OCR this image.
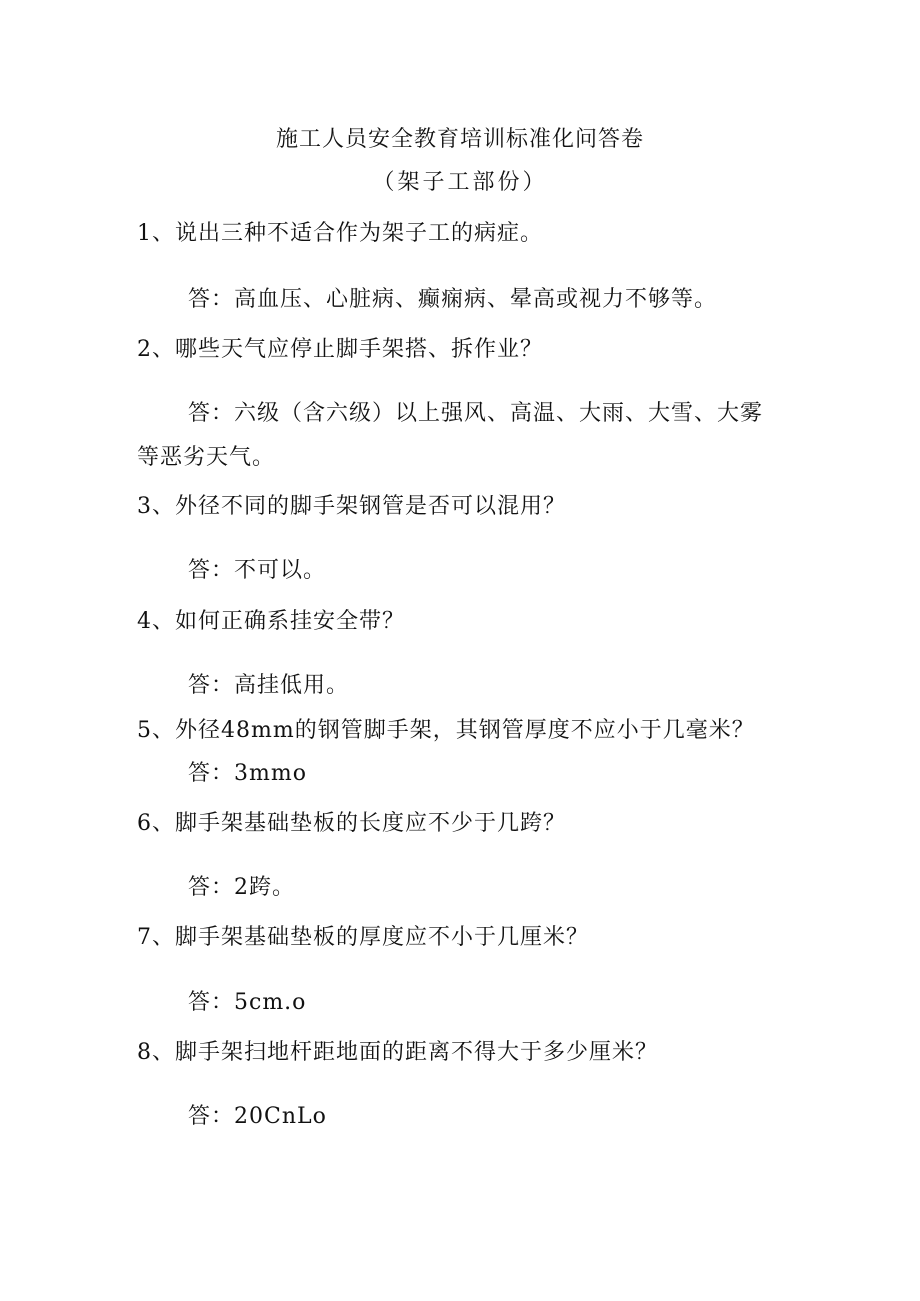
施工人员安全教育培训标准化问答卷
（架子工部份）
1、说出三种不适合作为架子工的病症。
答：高血压、心脏病、癫痫病、晕高或视力不够等。
2、哪些天气应停止脚手架搭、拆作业？
答：六级（含六级）以上强风、高温、大雨、大雪、大雾
等恶劣天气。
3、外径不同的脚手架钢管是否可以混用？
答：不可以。
4、如何正确系挂安全带？
答：高挂低用。
5、外径48mm的钢管脚手架，其钢管厚度不应小于几毫米？
答：3mmo
6、脚手架基础垫板的长度应不少于几跨？
答：2跨。
7、脚手架基础垫板的厚度应不小于几厘米？
答：5cm.o
8、脚手架扫地杆距地面的距离不得大于多少厘米？
答：20CnLo
